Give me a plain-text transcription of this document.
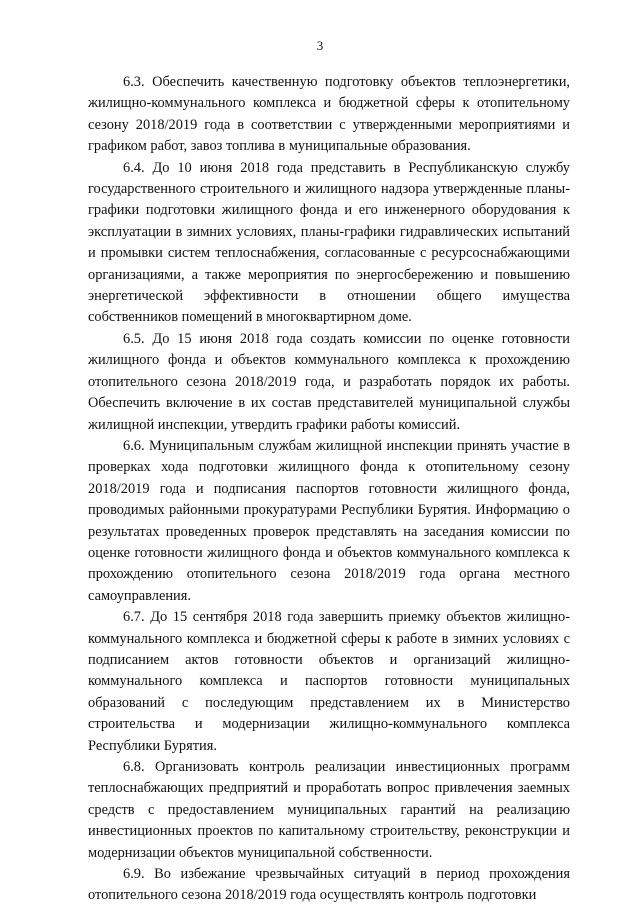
3

6.3. Обеспечить качественную подготовку объектов теплоэнергетики, жилищно-коммунального комплекса и бюджетной сферы к отопительному сезону 2018/2019 года в соответствии с утвержденными мероприятиями и графиком работ, завоз топлива в муниципальные образования.

6.4. До 10 июня 2018 года представить в Республиканскую службу государственного строительного и жилищного надзора утвержденные планы-графики подготовки жилищного фонда и его инженерного оборудования к эксплуатации в зимних условиях, планы-графики гидравлических испытаний и промывки систем теплоснабжения, согласованные с ресурсоснабжающими организациями, а также мероприятия по энергосбережению и повышению энергетической эффективности в отношении общего имущества собственников помещений в многоквартирном доме.

6.5. До 15 июня 2018 года создать комиссии по оценке готовности жилищного фонда и объектов коммунального комплекса к прохождению отопительного сезона 2018/2019 года, и разработать порядок их работы. Обеспечить включение в их состав представителей муниципальной службы жилищной инспекции, утвердить графики работы комиссий.

6.6. Муниципальным службам жилищной инспекции принять участие в проверках хода подготовки жилищного фонда к отопительному сезону 2018/2019 года и подписания паспортов готовности жилищного фонда, проводимых районными прокуратурами Республики Бурятия. Информацию о результатах проведенных проверок представлять на заседания комиссии по оценке готовности жилищного фонда и объектов коммунального комплекса к прохождению отопительного сезона 2018/2019 года органа местного самоуправления.

6.7. До 15 сентября 2018 года завершить приемку объектов жилищно-коммунального комплекса и бюджетной сферы к работе в зимних условиях с подписанием актов готовности объектов и организаций жилищно-коммунального комплекса и паспортов готовности муниципальных образований с последующим представлением их в Министерство строительства и модернизации жилищно-коммунального комплекса Республики Бурятия.

6.8. Организовать контроль реализации инвестиционных программ теплоснабжающих предприятий и проработать вопрос привлечения заемных средств с предоставлением муниципальных гарантий на реализацию инвестиционных проектов по капитальному строительству, реконструкции и модернизации объектов муниципальной собственности.

6.9. Во избежание чрезвычайных ситуаций в период прохождения отопительного сезона 2018/2019 года осуществлять контроль подготовки
